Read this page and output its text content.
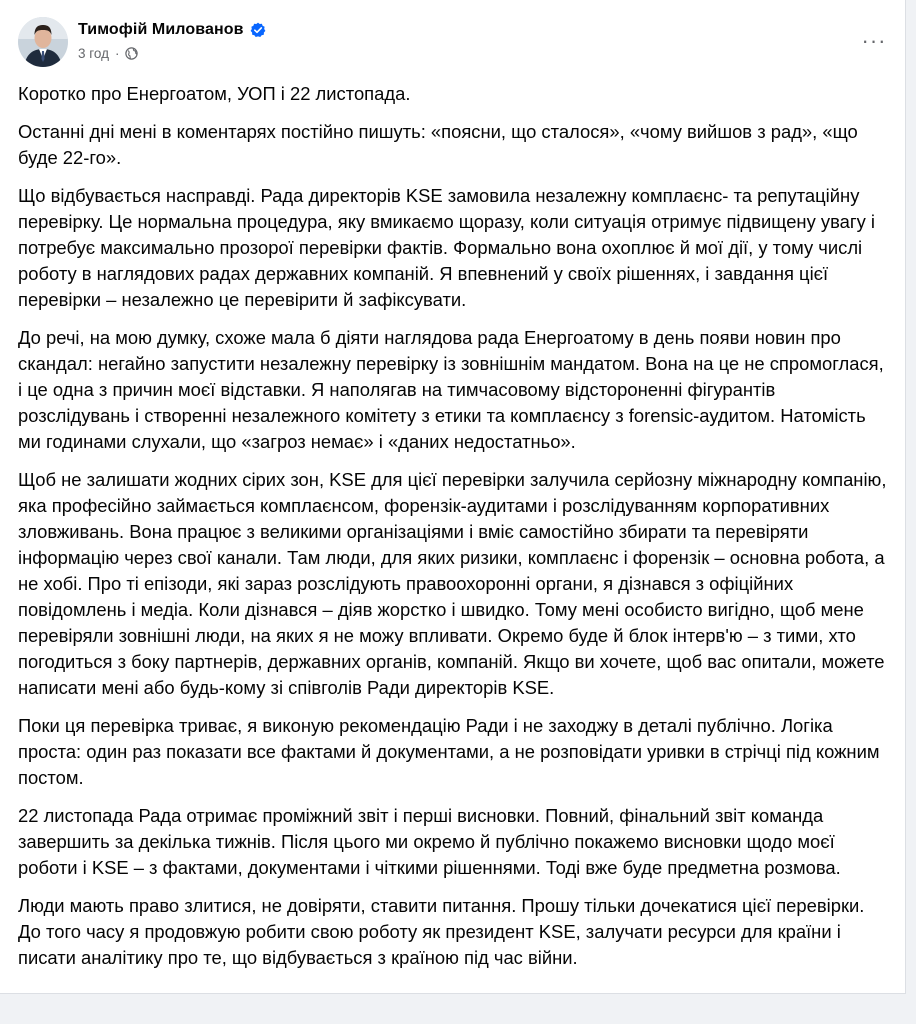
Тимофій Милованов
3 год ·	···

Коротко про Енергоатом, УОП і 22 листопада.

Останні дні мені в коментарях постійно пишуть: «поясни, що сталося», «чому вийшов з рад», «що буде 22-го».

Що відбувається насправді. Рада директорів KSE замовила незалежну комплаєнс- та репутаційну перевірку. Це нормальна процедура, яку вмикаємо щоразу, коли ситуація отримує підвищену увагу і потребує максимально прозорої перевірки фактів. Формально вона охоплює й мої дії, у тому числі роботу в наглядових радах державних компаній. Я впевнений у своїх рішеннях, і завдання цієї перевірки – незалежно це перевірити й зафіксувати.

До речі, на мою думку, схоже мала б діяти наглядова рада Енергоатому в день появи новин про скандал: негайно запустити незалежну перевірку із зовнішнім мандатом. Вона на це не спромоглася, і це одна з причин моєї відставки. Я наполягав на тимчасовому відстороненні фігурантів розслідувань і створенні незалежного комітету з етики та комплаєнсу з forensic-аудитом. Натомість ми годинами слухали, що «загроз немає» і «даних недостатньо».

Щоб не залишати жодних сірих зон, KSE для цієї перевірки залучила серйозну міжнародну компанію, яка професійно займається комплаєнсом, форензік-аудитами і розслідуванням корпоративних зловживань. Вона працює з великими організаціями і вміє самостійно збирати та перевіряти інформацію через свої канали. Там люди, для яких ризики, комплаєнс і форензік – основна робота, а не хобі. Про ті епізоди, які зараз розслідують правоохоронні органи, я дізнався з офіційних повідомлень і медіа. Коли дізнався – діяв жорстко і швидко. Тому мені особисто вигідно, щоб мене перевіряли зовнішні люди, на яких я не можу впливати. Окремо буде й блок інтерв'ю – з тими, хто погодиться з боку партнерів, державних органів, компаній. Якщо ви хочете, щоб вас опитали, можете написати мені або будь-кому зі співголів Ради директорів KSE.

Поки ця перевірка триває, я виконую рекомендацію Ради і не заходжу в деталі публічно. Логіка проста: один раз показати все фактами й документами, а не розповідати уривки в стрічці під кожним постом.

22 листопада Рада отримає проміжний звіт і перші висновки. Повний, фінальний звіт команда завершить за декілька тижнів. Після цього ми окремо й публічно покажемо висновки щодо моєї роботи і KSE – з фактами, документами і чіткими рішеннями. Тоді вже буде предметна розмова.

Люди мають право злитися, не довіряти, ставити питання. Прошу тільки дочекатися цієї перевірки. До того часу я продовжую робити свою роботу як президент KSE, залучати ресурси для країни і писати аналітику про те, що відбувається з країною під час війни.
